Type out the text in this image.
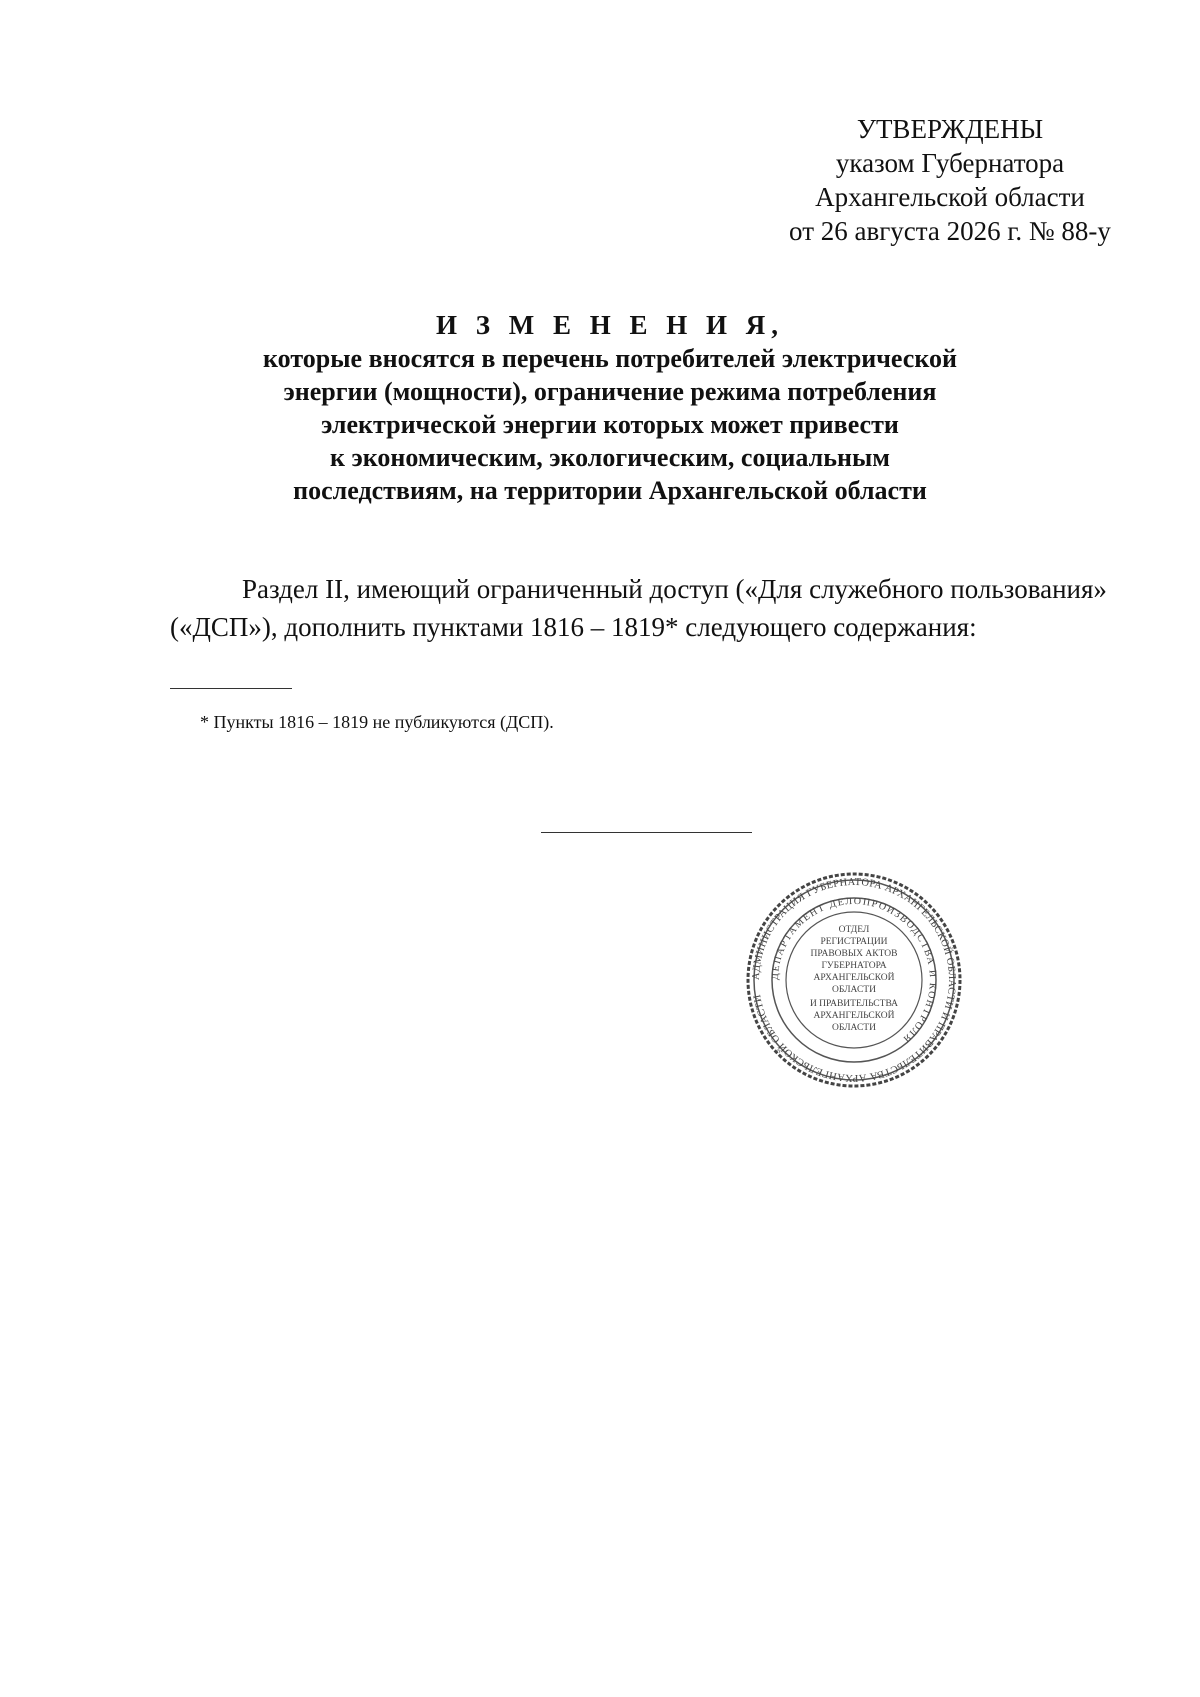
УТВЕРЖДЕНЫ
указом Губернатора
Архангельской области
от 26 августа 2026 г. № 88-у
И З М Е Н Е Н И Я,
которые вносятся в перечень потребителей электрической
энергии (мощности), ограничение режима потребления
электрической энергии которых может привести
к экономическим, экологическим, социальным
последствиям, на территории Архангельской области
Раздел II, имеющий ограниченный доступ («Для служебного пользования»
(«ДСП»), дополнить пунктами 1816 – 1819* следующего содержания:
* Пункты 1816 – 1819 не публикуются (ДСП).
АДМИНИСТРАЦИЯ ГУБЕРНАТОРА АРХАНГЕЛЬСКОЙ ОБЛАСТИ И ПРАВИТЕЛЬСТВА АРХАНГЕЛЬСКОЙ ОБЛАСТИ
ДЕПАРТАМЕНТ ДЕЛОПРОИЗВОДСТВА И КОНТРОЛЯ
ОТДЕЛ
РЕГИСТРАЦИИ
ПРАВОВЫХ АКТОВ
ГУБЕРНАТОРА
АРХАНГЕЛЬСКОЙ
ОБЛАСТИ
И ПРАВИТЕЛЬСТВА
АРХАНГЕЛЬСКОЙ
ОБЛАСТИ
